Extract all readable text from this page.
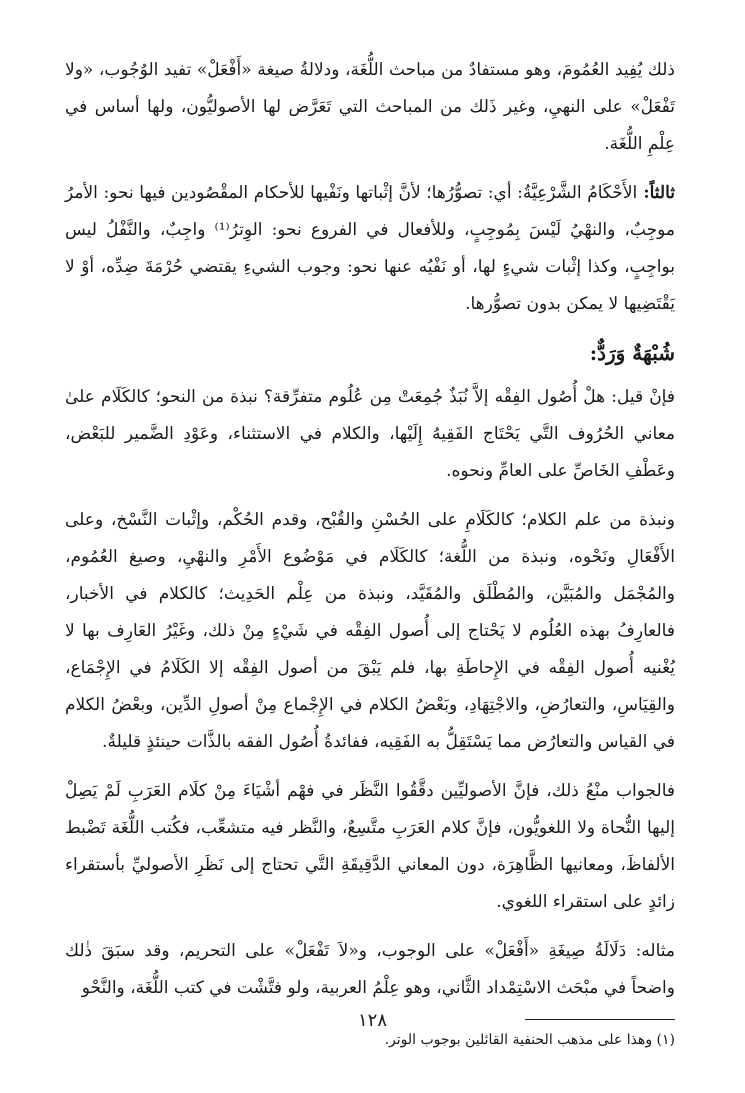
ذلك يُفِيد العُمُومَ، وهو مستفادٌ من مباحث اللُّغَة، ودلالةُ صيغة «أَفْعَلْ» تفيد الوُجُوب، «ولا تَفْعَلْ» على النهيِ، وغير ذَلك من المباحث التي تَعَرَّض لها الأصوليُّون، ولها أساس في عِلْمِ اللُّغَة.

ثالثاً: الأَحْكَامُ الشَّرْعِيَّةُ: أي: تصوُّرُها؛ لأنَّ إثْباتها ونَفْيها للأحكام المقْصُودين فيها نحو: الأمرُ موجِبٌ، والنهْيُ لَيْسَ بِمُوجِبٍ، وللأفعال في الفروع نحو: الوِترُ⁽¹⁾ واجِبٌ، والنَّفْلُ ليس بواجِبٍ، وكذا إثْبات شيءٍ لها، أو نَفْيُه عنها نحو: وجوب الشيءِ يقتضي حُرْمَةَ ضِدِّه، أوْ لا يَقْتَضِيها لا يمكن بدون تصوُّرها.

شُبْهَةٌ وَرَدٌّ:

فإنْ قيل: هلْ أُصُول الفِقْه إلاَّ نُبَذٌ جُمِعَتْ مِن عُلُوم متفرِّقة؟ نبذة من النحو؛ كالكَلَام علىٰ معاني الحُرُوف التَّي يَحْتَاج الفَقِيهُ إِلَيْها، والكلام في الاستثناء، وعَوْدِ الضَّمير للبَعْض، وعَطْفِ الخَاصِّ على العامِّ ونحوه.

ونبذة من علم الكلام؛ كالكَلَامِ على الحُسْنِ والقُبْح، وقدم الحُكْم، وإثْبات النَّسْخ، وعلى الأَفْعَالِ ونَحْوه، ونبذة من اللُّغة؛ كالكَلَام في مَوْضُوع الأَمْرِ والنهْيِ، وصيغ العُمُوم، والمُجْمَل والمُبَيَّن، والمُطْلَق والمُقَيَّد، ونبذة من عِلْم الحَدِيث؛ كالكلام في الأخبار، فالعارِفُ بهذه العُلُوم لا يَحْتاج إلى أُصول الفِقْه في شَيْءٍ مِنْ ذلك، وغَيْرُ العَارِف بها لا يُغْنيه أُصول الفِقْه في الإِحاطَةِ بها، فلم يَبْقَ من أصول الفِقْه إلا الكَلَامُ في الإِجْمَاع، والقِيَاسِ، والتعارُضِ، والاجْتِهَادِ، وبَعْضُ الكلام في الإِجْماع مِنْ أصولِ الدِّين، وبعْضُ الكلام في القياس والتعارُض مما يَسْتَقِلُّ به الفَقِيه، ففائدةُ أُصُول الفقه بالذَّات حينئذٍ قليلةٌ.

فالجواب منْعُ ذلك، فإنَّ الأصوليِّين دقَّقُوا النَّظَر في فهْم أشْيَاءَ مِنْ كلَام العَرَبِ لَمْ يَصِلْ إليها النُّحاة ولا اللغويُّون، فإنَّ كلام العَرَبِ متَّسِعٌ، والنَّظر فيه متشعِّب، فكُتب اللُّغَة تَضْبط الألفاظَ، ومعانيها الظَّاهِرَة، دون المعاني الدَّقِيقَةِ التَّي تحتاج إلى نَظَرِ الأصوليِّ بأستقراء زائدٍ على استقراء اللغوي.

مثاله: دَلَالَةُ صِيغَةِ «أَفْعَلْ» على الوجوب، و«لاَ تَفْعَلْ» على التحريم، وقد سبَقَ ذٰلك واضحاً في مبْحَث الاسْتِمْداد الثَّاني، وهو عِلْمُ العربية، ولو فتَّشْت في كتب اللُّغَة، والنَّحْو

(١) وهذا على مذهب الحنفية القائلين بوجوب الوتر.

١٢٨
